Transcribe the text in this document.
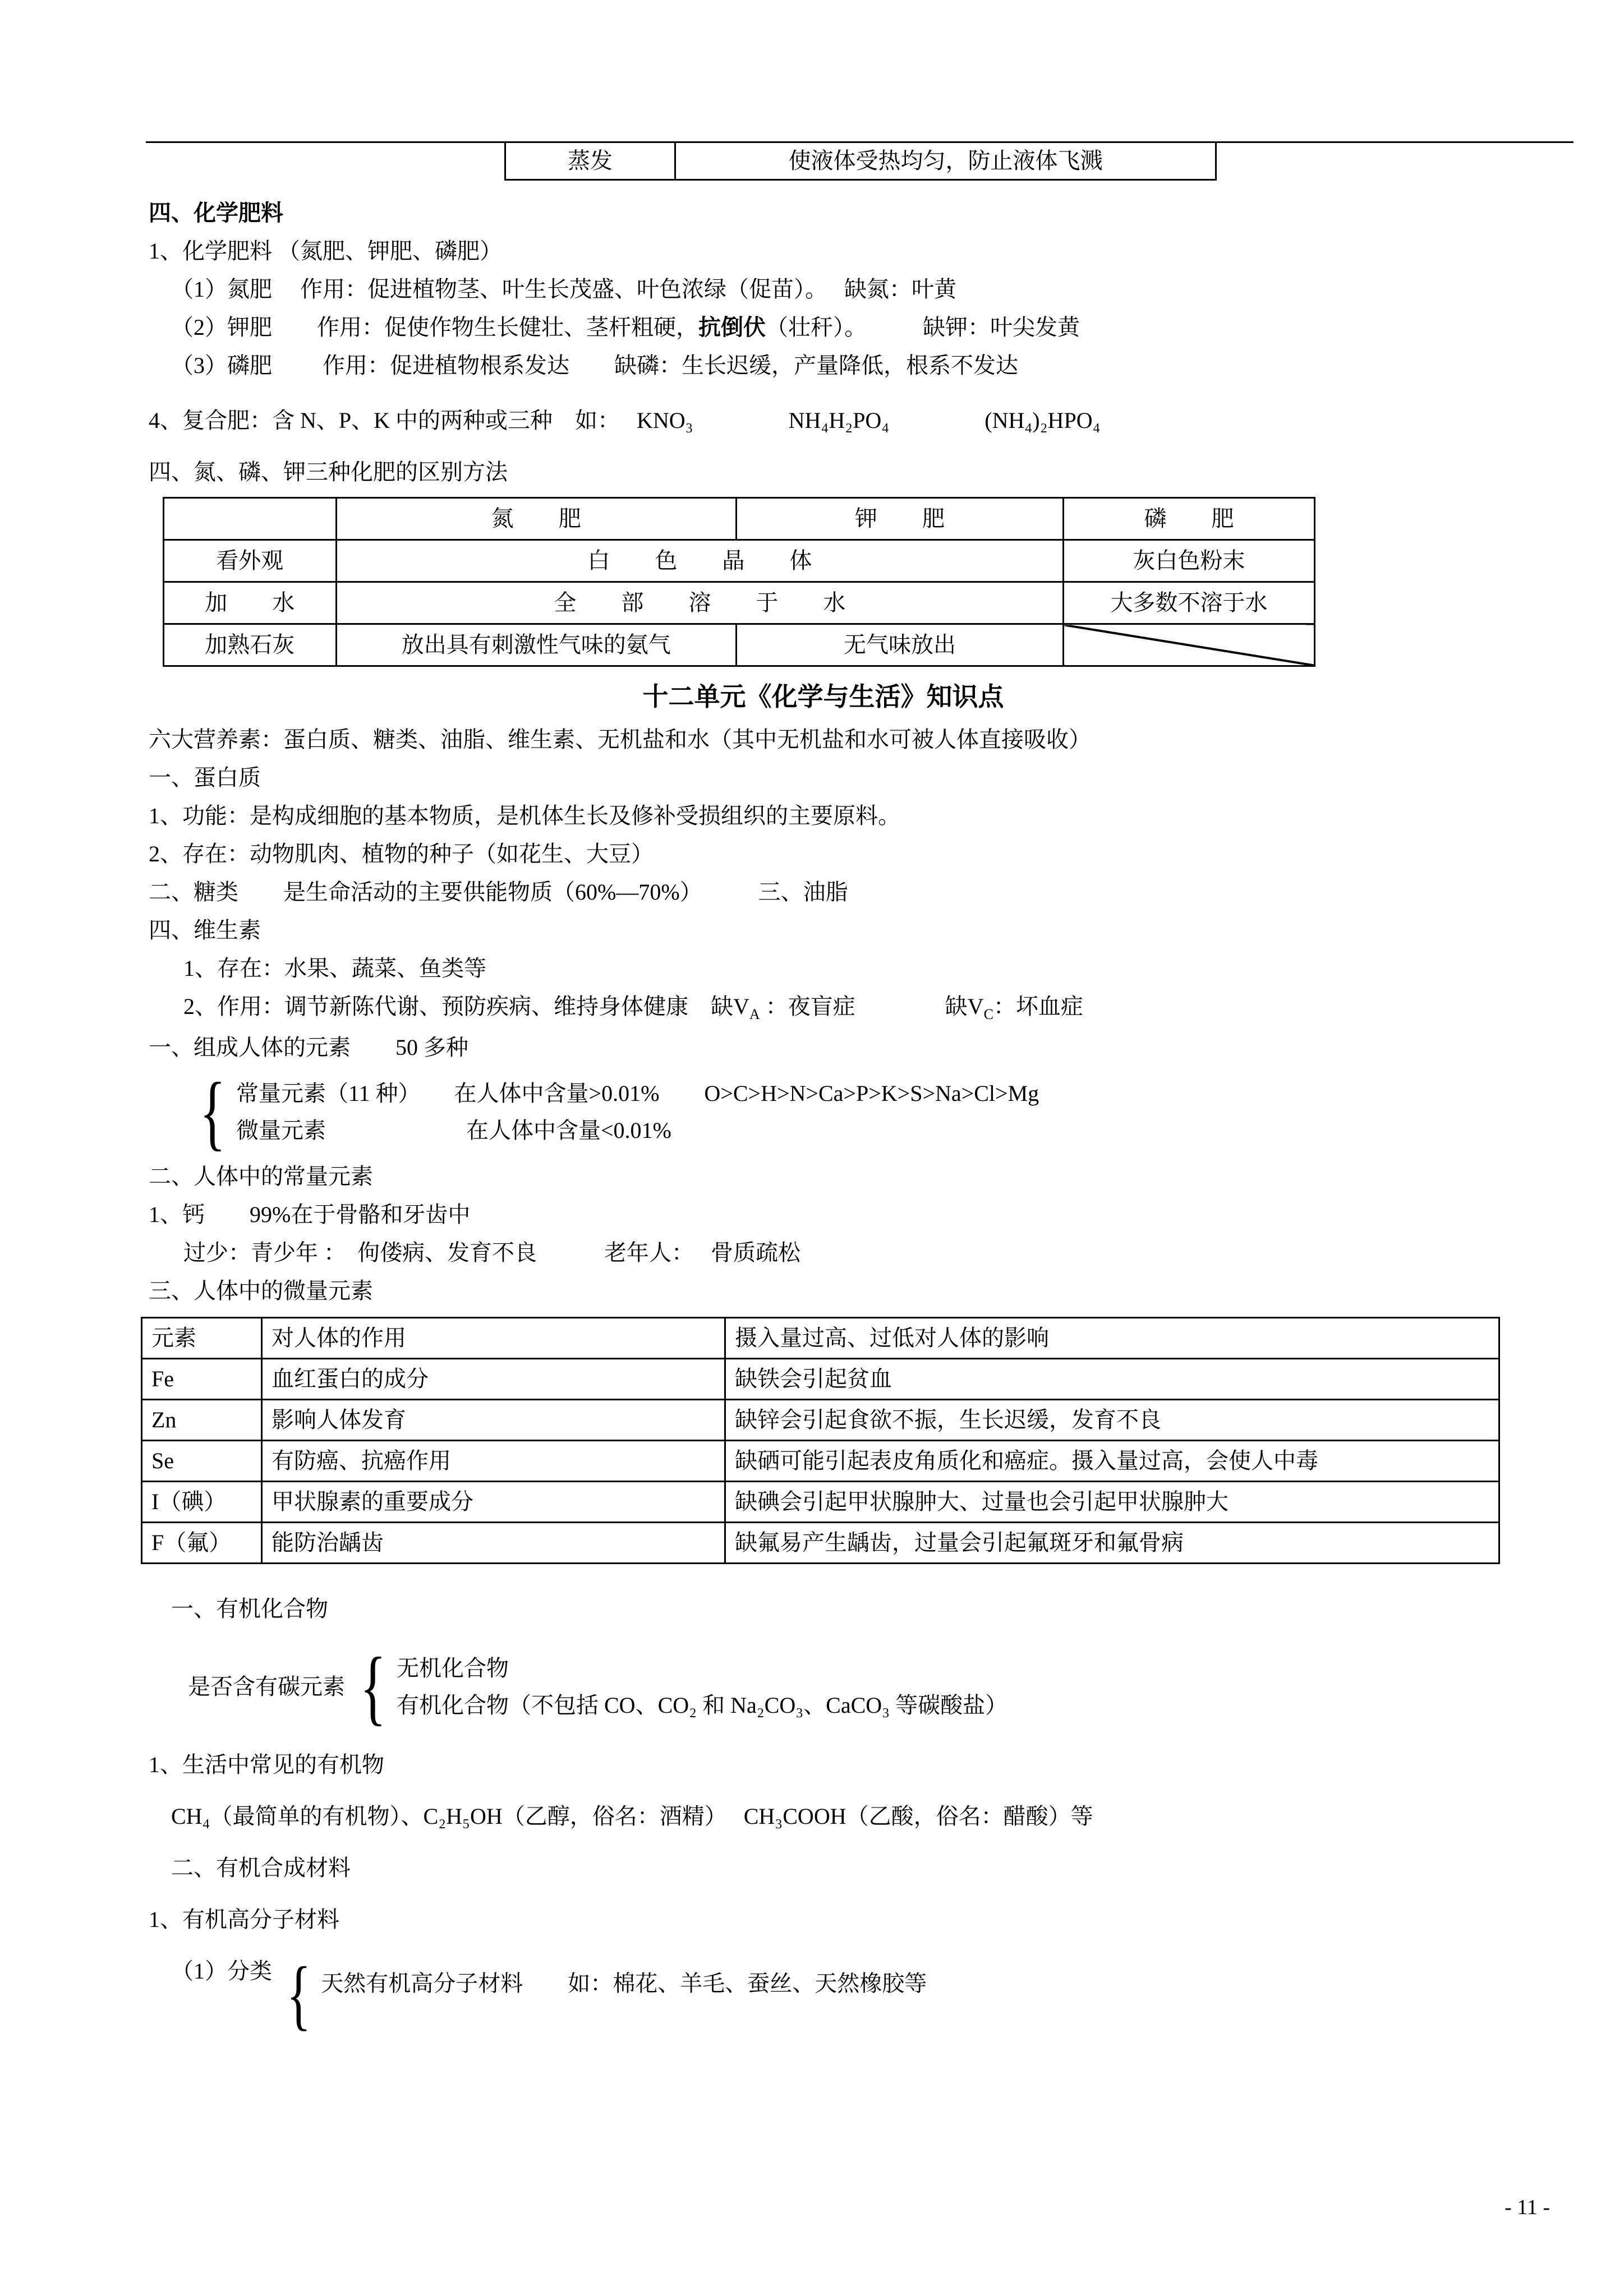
蒸发	使液体受热均匀，防止液体飞溅
四、化学肥料

1、化学肥料 （氮肥、钾肥、磷肥）

（1）氮肥　 作用：促进植物茎、叶生长茂盛、叶色浓绿（促苗）。　 缺氮：叶黄

（2）钾肥　　作用：促使作物生长健壮、茎杆粗硬，抗倒伏（壮秆）。　　　缺钾：叶尖发黄

（3）磷肥　　 作用：促进植物根系发达　　缺磷：生长迟缓，产量降低，根系不发达

4、复合肥：含 N、P、K 中的两种或三种　如：　 KNO₃　　　　 NH₄H₂PO₄　　　　 (NH₄)₂HPO₄

四、氮、磷、钾三种化肥的区别方法

	氮　　肥	钾　　肥	磷　　肥
看外观	白　　色　　晶　　体		灰白色粉末
加　　水	全　　部　　溶　　于　　水		大多数不溶于水
加熟石灰	放出具有刺激性气味的氨气	无气味放出	
十二单元《化学与生活》知识点

六大营养素：蛋白质、糖类、油脂、维生素、无机盐和水（其中无机盐和水可被人体直接吸收）

一、蛋白质

1、功能：是构成细胞的基本物质，是机体生长及修补受损组织的主要原料。

2、存在：动物肌肉、植物的种子（如花生、大豆）

二、糖类　　是生命活动的主要供能物质（60%—70%）　　　三、油脂

四、维生素

1、存在：水果、蔬菜、鱼类等

2、作用：调节新陈代谢、预防疾病、维持身体健康　缺$V_A$ ：夜盲症　　　　缺$V_C$：坏血症

一、组成人体的元素　　50 多种

{ 常量元素（11 种）　　在人体中含量>0.01%　　O>C>H>N>Ca>P>K>S>Na>Cl>Mg

微量元素　　　　　　 在人体中含量<0.01%

二、人体中的常量元素

1、钙　　99%在于骨骼和牙齿中

过少：青少年 ：　佝偻病、发育不良　　　老年人：　 骨质疏松

三、人体中的微量元素

元素	对人体的作用	摄入量过高、过低对人体的影响
Fe	血红蛋白的成分	缺铁会引起贫血
Zn	影响人体发育	缺锌会引起食欲不振，生长迟缓，发育不良
Se	有防癌、抗癌作用	缺硒可能引起表皮角质化和癌症。摄入量过高，会使人中毒
I（碘）	甲状腺素的重要成分	缺碘会引起甲状腺肿大、过量也会引起甲状腺肿大
F（氟）	能防治龋齿	缺氟易产生龋齿，过量会引起氟斑牙和氟骨病

一、有机化合物

是否含有碳元素 { 无机化合物

有机化合物（不包括 CO、CO₂ 和 Na₂CO₃、CaCO₃ 等碳酸盐）

1、生活中常见的有机物

CH₄（最简单的有机物）、C₂H₅OH（乙醇，俗名：酒精）　 CH₃COOH（乙酸，俗名：醋酸）等

二、有机合成材料

1、有机高分子材料

（1）分类 { 天然有机高分子材料　　如：棉花、羊毛、蚕丝、天然橡胶等

- 11 -
